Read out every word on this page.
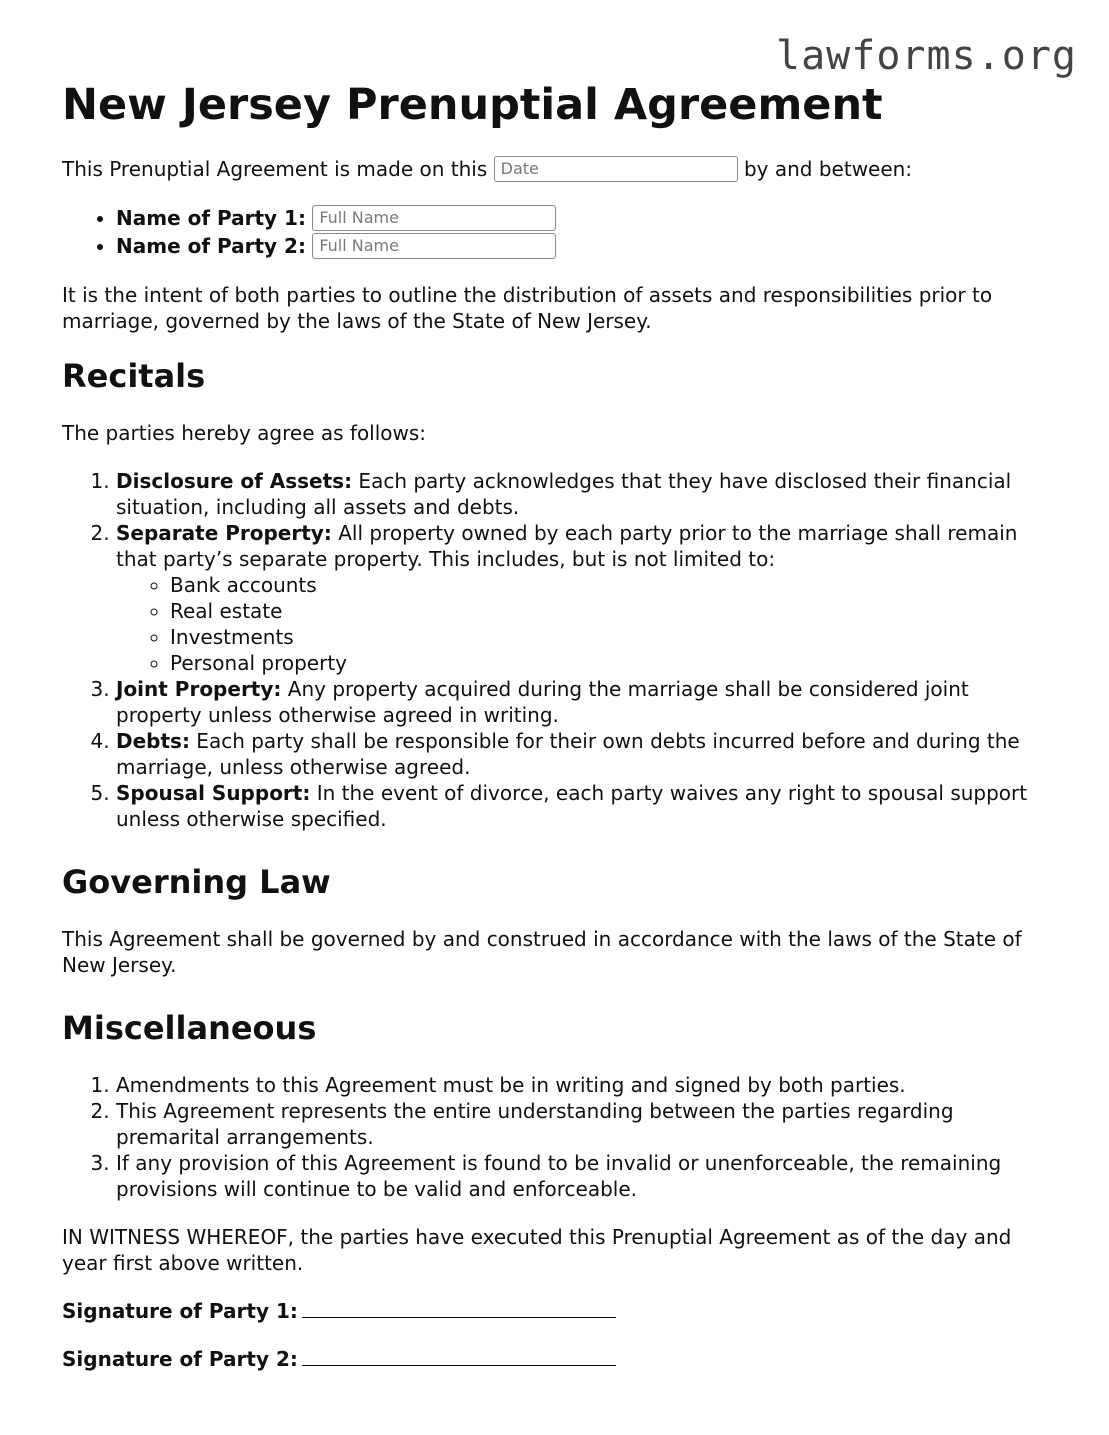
lawforms.org
New Jersey Prenuptial Agreement

This Prenuptial Agreement is made on this Date	by and between:

• Name of Party 1: Full Name
• Name of Party 2: Full Name

It is the intent of both parties to outline the distribution of assets and responsibilities prior to marriage, governed by the laws of the State of New Jersey.

Recitals

The parties hereby agree as follows:

1. Disclosure of Assets: Each party acknowledges that they have disclosed their financial situation, including all assets and debts.
2. Separate Property: All property owned by each party prior to the marriage shall remain that party’s separate property. This includes, but is not limited to:
◦ Bank accounts
◦ Real estate
◦ Investments
◦ Personal property
3. Joint Property: Any property acquired during the marriage shall be considered joint property unless otherwise agreed in writing.
4. Debts: Each party shall be responsible for their own debts incurred before and during the marriage, unless otherwise agreed.
5. Spousal Support: In the event of divorce, each party waives any right to spousal support unless otherwise specified.
Governing Law

This Agreement shall be governed by and construed in accordance with the laws of the State of New Jersey.

Miscellaneous
1. Amendments to this Agreement must be in writing and signed by both parties.
2. This Agreement represents the entire understanding between the parties regarding premarital arrangements.
3. If any provision of this Agreement is found to be invalid or unenforceable, the remaining provisions will continue to be valid and enforceable.

IN WITNESS WHEREOF, the parties have executed this Prenuptial Agreement as of the day and year first above written.

Signature of Party 1:
Signature of Party 2:
